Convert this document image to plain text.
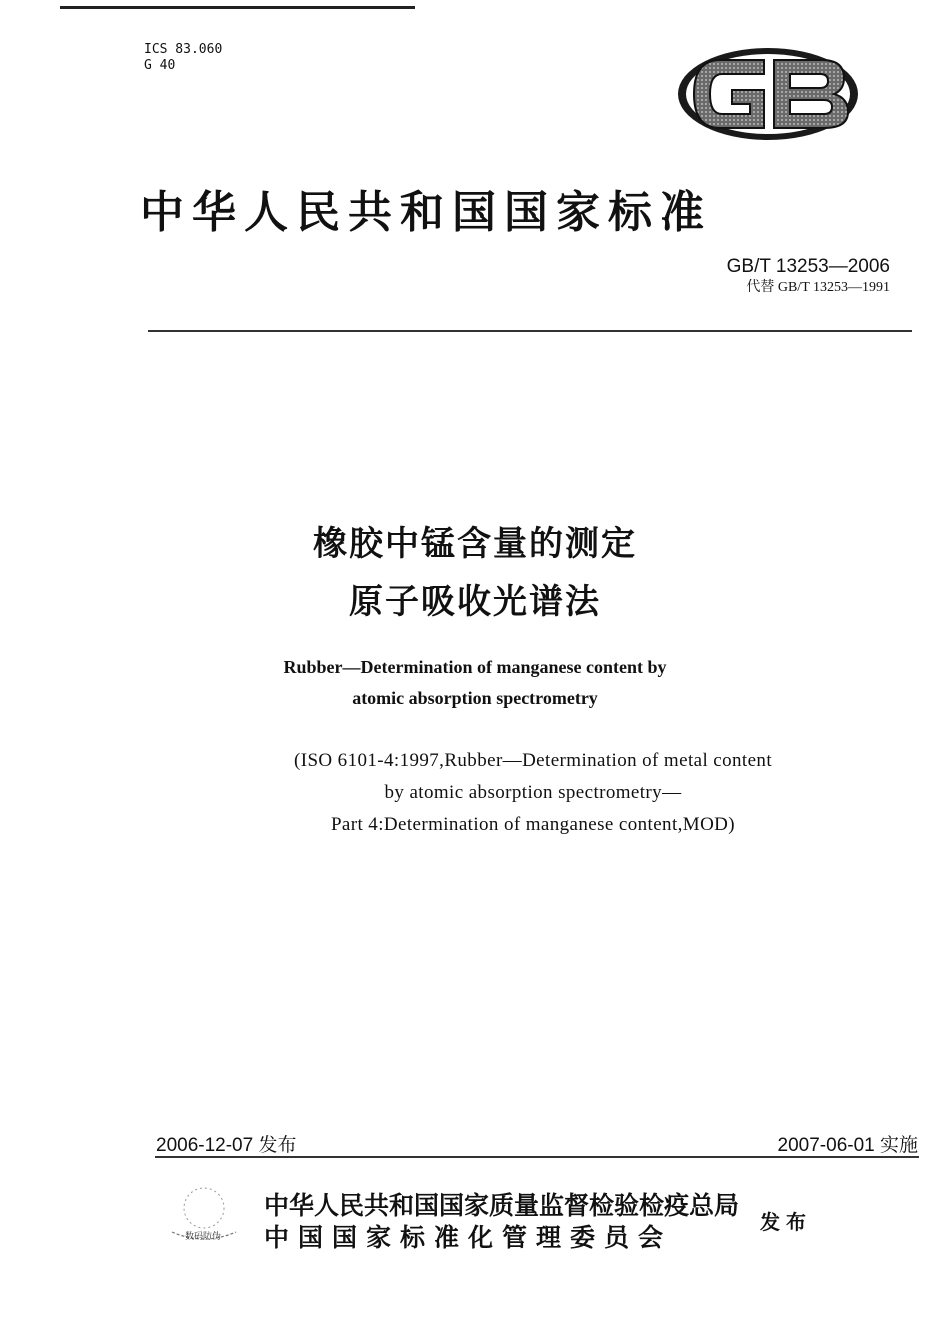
ICS 83.060
G 40
GB
中华人民共和国国家标准
GB/T 13253—2006
代替 GB/T 13253—1991
橡胶中锰含量的测定
原子吸收光谱法
Rubber—Determination of manganese content by
atomic absorption spectrometry
(ISO 6101-4:1997,Rubber—Determination of metal content
by atomic absorption spectrometry—
Part 4:Determination of manganese content,MOD)
2006-12-07 发布	2007-06-01 实施
数码防伪
中华人民共和国国家质量监督检验检疫总局
中国国家标准化管理委员会
发布
